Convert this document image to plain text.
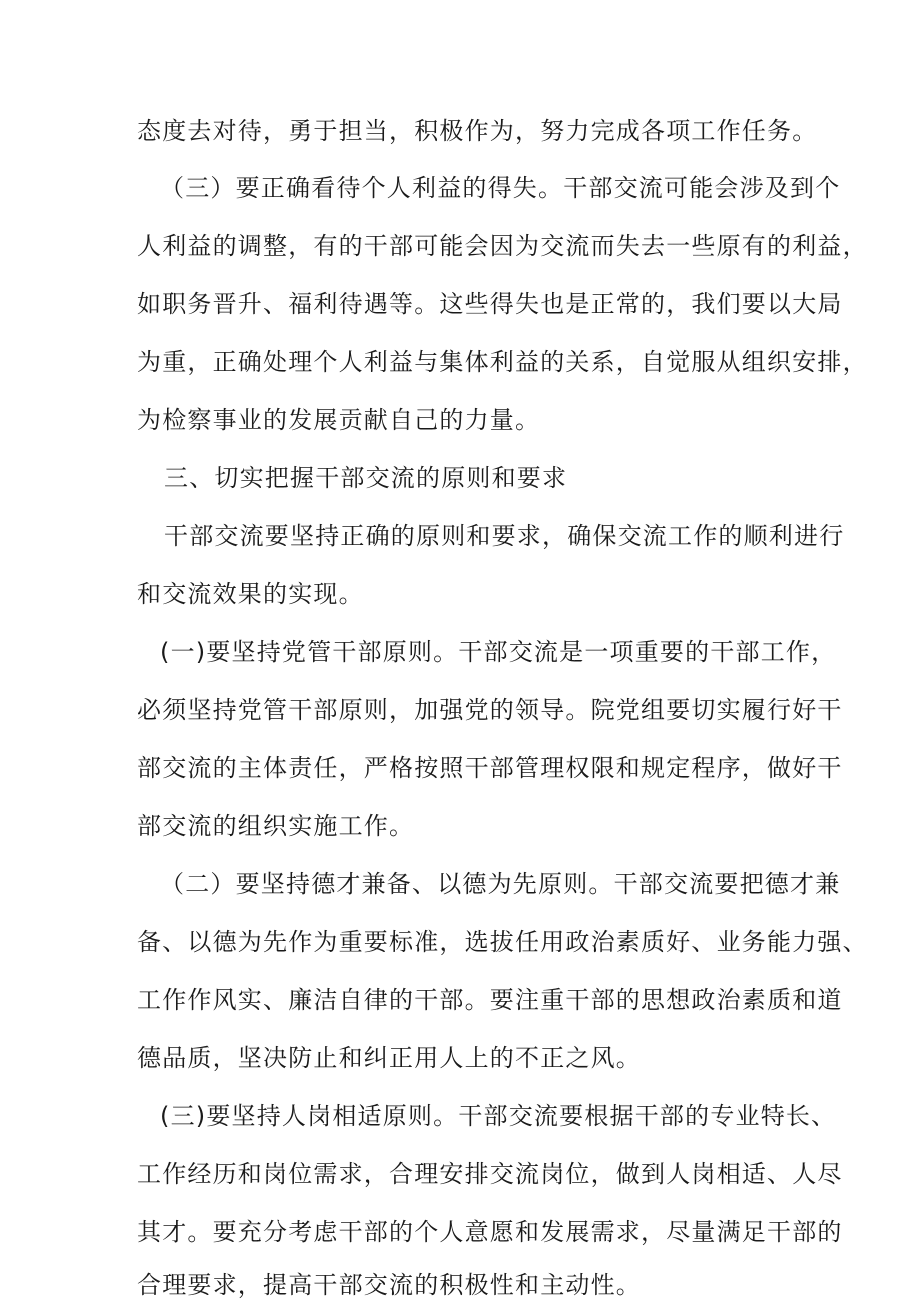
态度去对待，勇于担当，积极作为，努力完成各项工作任务。
（三）要正确看待个人利益的得失。干部交流可能会涉及到个
人利益的调整，有的干部可能会因为交流而失去一些原有的利益，
如职务晋升、福利待遇等。这些得失也是正常的，我们要以大局
为重，正确处理个人利益与集体利益的关系，自觉服从组织安排，
为检察事业的发展贡献自己的力量。
三、切实把握干部交流的原则和要求
干部交流要坚持正确的原则和要求，确保交流工作的顺利进行
和交流效果的实现。
(一)要坚持党管干部原则。干部交流是一项重要的干部工作，
必须坚持党管干部原则，加强党的领导。院党组要切实履行好干
部交流的主体责任，严格按照干部管理权限和规定程序，做好干
部交流的组织实施工作。
（二）要坚持德才兼备、以德为先原则。干部交流要把德才兼
备、以德为先作为重要标准，选拔任用政治素质好、业务能力强、
工作作风实、廉洁自律的干部。要注重干部的思想政治素质和道
德品质，坚决防止和纠正用人上的不正之风。
(三)要坚持人岗相适原则。干部交流要根据干部的专业特长、
工作经历和岗位需求，合理安排交流岗位，做到人岗相适、人尽
其才。要充分考虑干部的个人意愿和发展需求，尽量满足干部的
合理要求，提高干部交流的积极性和主动性。
